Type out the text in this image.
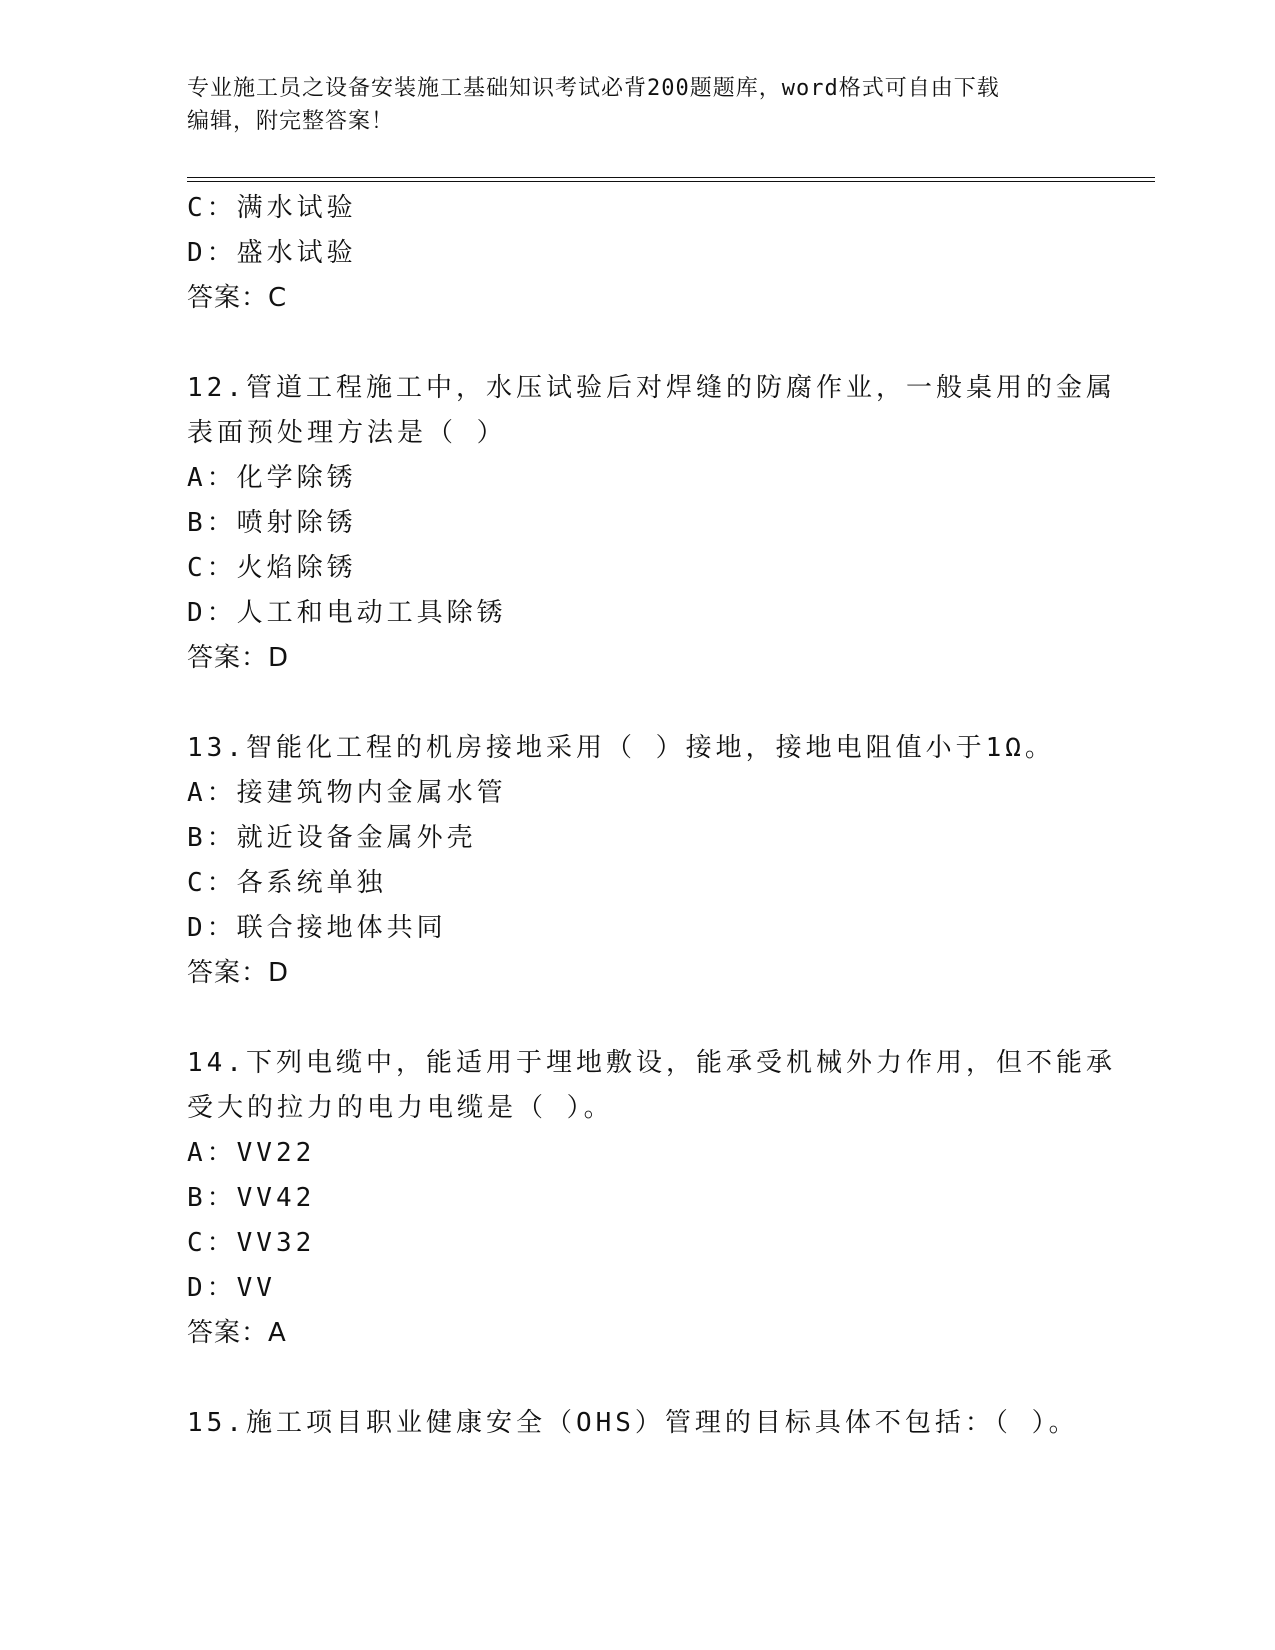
专业施工员之设备安装施工基础知识考试必背200题题库，word格式可自由下载
编辑，附完整答案！
C：满水试验
D：盛水试验
答案：C
12.管道工程施工中，水压试验后对焊缝的防腐作业，一般桌用的金属
表面预处理方法是（ ）
A：化学除锈
B：喷射除锈
C：火焰除锈
D：人工和电动工具除锈
答案：D
13.智能化工程的机房接地采用（ ）接地，接地电阻值小于1Ω。
A：接建筑物内金属水管
B：就近设备金属外壳
C：各系统单独
D：联合接地体共同
答案：D
14.下列电缆中，能适用于埋地敷设，能承受机械外力作用，但不能承
受大的拉力的电力电缆是（ ）。
A：VV22
B：VV42
C：VV32
D：VV
答案：A
15.施工项目职业健康安全（OHS）管理的目标具体不包括：（ ）。
